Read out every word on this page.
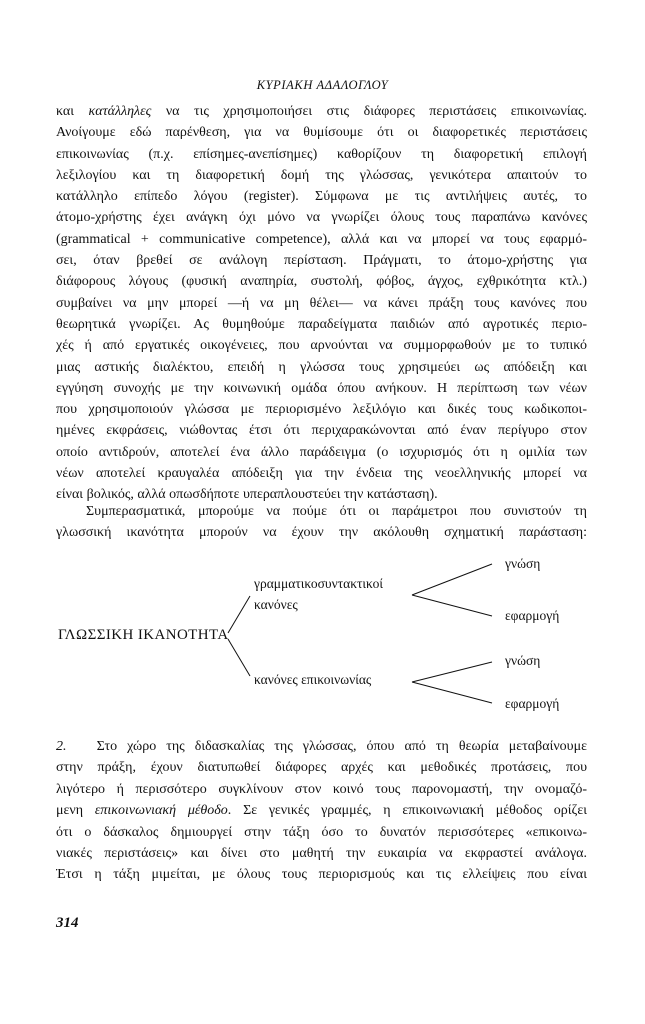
ΚΥΡΙΑΚΗ ΑΔΑΛΟΓΛΟΥ
και κατάλληλες να τις χρησιμοποιήσει στις διάφορες περιστάσεις επικοινωνίας.
Ανοίγουμε εδώ παρένθεση, για να θυμίσουμε ότι οι διαφορετικές περιστάσεις
επικοινωνίας (π.χ. επίσημες-ανεπίσημες) καθορίζουν τη διαφορετική επιλογή
λεξιλογίου και τη διαφορετική δομή της γλώσσας, γενικότερα απαιτούν το
κατάλληλο επίπεδο λόγου (register). Σύμφωνα με τις αντιλήψεις αυτές, το
άτομο-χρήστης έχει ανάγκη όχι μόνο να γνωρίζει όλους τους παραπάνω κανόνες
(grammatical + communicative competence), αλλά και να μπορεί να τους εφαρμό-
σει, όταν βρεθεί σε ανάλογη περίσταση. Πράγματι, το άτομο-χρήστης για
διάφορους λόγους (φυσική αναπηρία, συστολή, φόβος, άγχος, εχθρικότητα κτλ.)
συμβαίνει να μην μπορεί —ή να μη θέλει— να κάνει πράξη τους κανόνες που
θεωρητικά γνωρίζει. Ας θυμηθούμε παραδείγματα παιδιών από αγροτικές περιο-
χές ή από εργατικές οικογένειες, που αρνούνται να συμμορφωθούν με το τυπικό
μιας αστικής διαλέκτου, επειδή η γλώσσα τους χρησιμεύει ως απόδειξη και
εγγύηση συνοχής με την κοινωνική ομάδα όπου ανήκουν. Η περίπτωση των νέων
που χρησιμοποιούν γλώσσα με περιορισμένο λεξιλόγιο και δικές τους κωδικοποι-
ημένες εκφράσεις, νιώθοντας έτσι ότι περιχαρακώνονται από έναν περίγυρο στον
οποίο αντιδρούν, αποτελεί ένα άλλο παράδειγμα (ο ισχυρισμός ότι η ομιλία των
νέων αποτελεί κραυγαλέα απόδειξη για την ένδεια της νεοελληνικής μπορεί να
είναι βολικός, αλλά οπωσδήποτε υπεραπλουστεύει την κατάσταση).
Συμπερασματικά, μπορούμε να πούμε ότι οι παράμετροι που συνιστούν τη
γλωσσική ικανότητα μπορούν να έχουν την ακόλουθη σχηματική παράσταση:
ΓΛΩΣΣΙΚΗ ΙΚΑΝΟΤΗΤΑ
γραμματικοσυντακτικοί
κανόνες
κανόνες επικοινωνίας
γνώση
εφαρμογή
γνώση
εφαρμογή
2. Στο χώρο της διδασκαλίας της γλώσσας, όπου από τη θεωρία μεταβαίνουμε
στην πράξη, έχουν διατυπωθεί διάφορες αρχές και μεθοδικές προτάσεις, που
λιγότερο ή περισσότερο συγκλίνουν στον κοινό τους παρονομαστή, την ονομαζό-
μενη επικοινωνιακή μέθοδο. Σε γενικές γραμμές, η επικοινωνιακή μέθοδος ορίζει
ότι ο δάσκαλος δημιουργεί στην τάξη όσο το δυνατόν περισσότερες «επικοινω-
νιακές περιστάσεις» και δίνει στο μαθητή την ευκαιρία να εκφραστεί ανάλογα.
Έτσι η τάξη μιμείται, με όλους τους περιορισμούς και τις ελλείψεις που είναι
314
